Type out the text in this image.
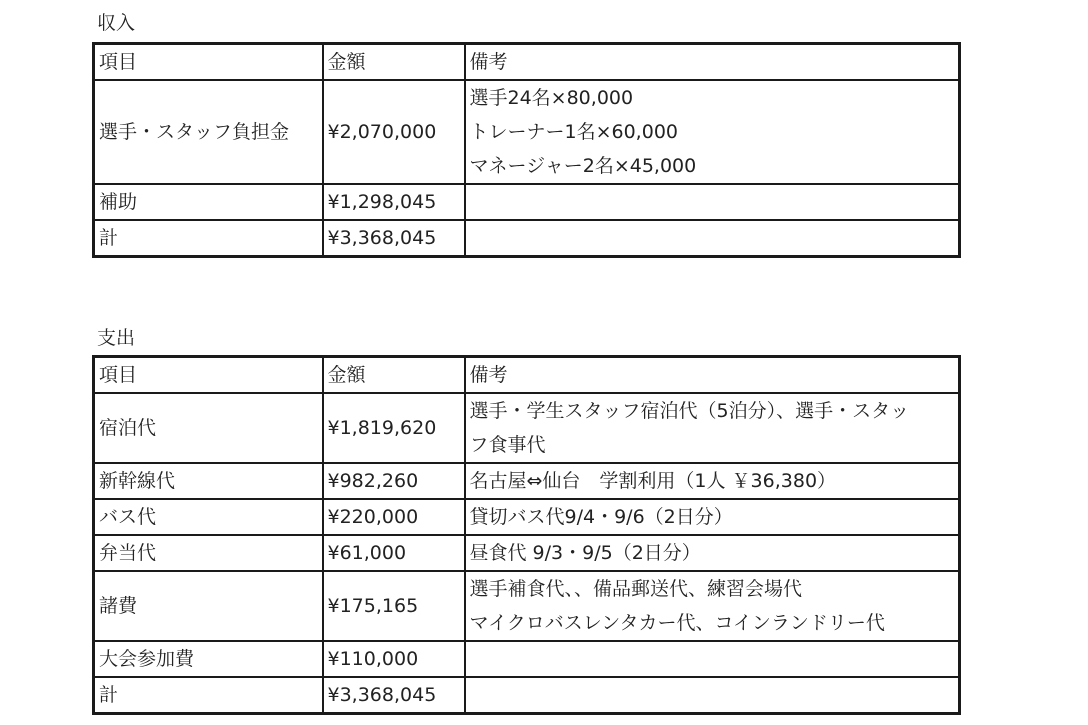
収入
項目	金額	備考
選手・スタッフ負担金	¥2,070,000	選手24名×80,000
トレーナー1名×60,000
マネージャー2名×45,000

補助	¥1,298,045	
計	¥3,368,045	
支出
項目	金額	備考
宿泊代	¥1,819,620	選手・学生スタッフ宿泊代（5泊分）、選手・スタッ
フ食事代

新幹線代	¥982,260	名古屋⇔仙台　学割利用（1人 ￥36,380）

バス代	¥220,000	貸切バス代9/4・9/6（2日分）

弁当代	¥61,000	昼食代 9/3・9/5（2日分）

諸費	¥175,165	選手補食代、、備品郵送代、練習会場代
マイクロバスレンタカー代、コインランドリー代

大会参加費	¥110,000	
計	¥3,368,045	
